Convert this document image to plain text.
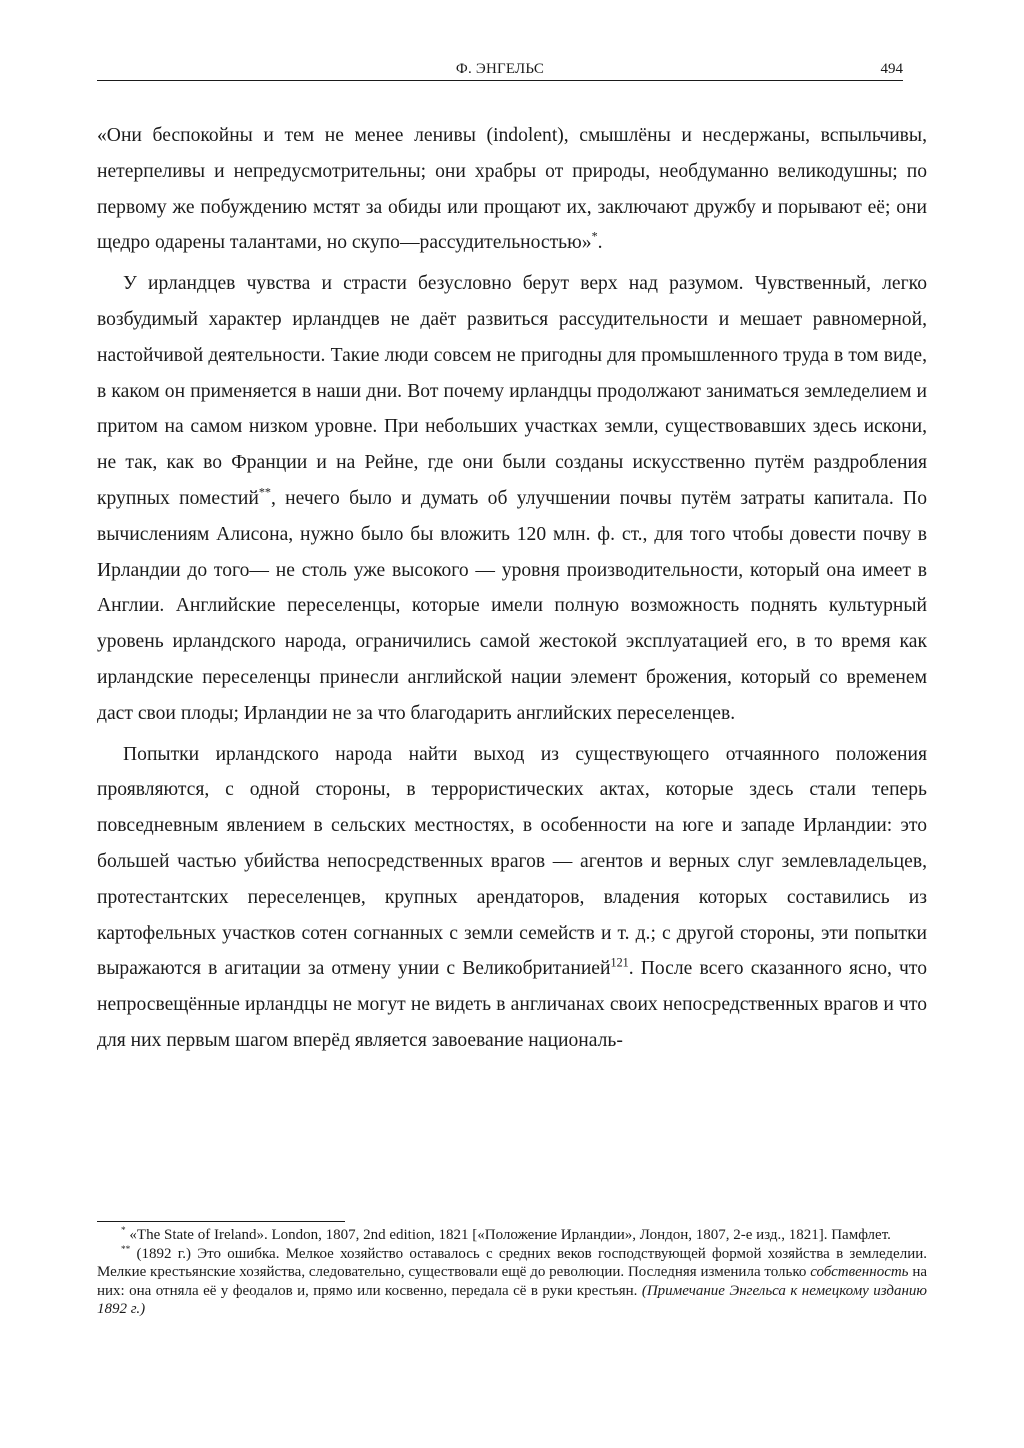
Ф. ЭНГЕЛЬС	494

«Они беспокойны и тем не менее ленивы (indolent), смышлёны и несдержаны, вспыльчивы, нетерпеливы и непредусмотрительны; они храбры от природы, необдуманно великодушны; по первому же побуждению мстят за обиды или прощают их, заключают дружбу и порывают её; они щедро одарены талантами, но скупо—рассудительностью»*.

У ирландцев чувства и страсти безусловно берут верх над разумом. Чувственный, легко возбудимый характер ирландцев не даёт развиться рассудительности и мешает равномерной, настойчивой деятельности. Такие люди совсем не пригодны для промышленного труда в том виде, в каком он применяется в наши дни. Вот почему ирландцы продолжают заниматься земледелием и притом на самом низком уровне. При небольших участках земли, существовавших здесь искони, не так, как во Франции и на Рейне, где они были созданы искусственно путём раздробления крупных поместий**, нечего было и думать об улучшении почвы путём затраты капитала. По вычислениям Алисона, нужно было бы вложить 120 млн. ф. ст., для того чтобы довести почву в Ирландии до того— не столь уже высокого — уровня производительности, который она имеет в Англии. Английские переселенцы, которые имели полную возможность поднять культурный уровень ирландского народа, ограничились самой жестокой эксплуатацией его, в то время как ирландские переселенцы принесли английской нации элемент брожения, который со временем даст свои плоды; Ирландии не за что благодарить английских переселенцев.

Попытки ирландского народа найти выход из существующего отчаянного положения проявляются, с одной стороны, в террористических актах, которые здесь стали теперь повседневным явлением в сельских местностях, в особенности на юге и западе Ирландии: это большей частью убийства непосредственных врагов — агентов и верных слуг землевладельцев, протестантских переселенцев, крупных арендаторов, владения которых составились из картофельных участков сотен согнанных с земли семейств и т. д.; с другой стороны, эти попытки выражаются в агитации за отмену унии с Великобританией$^{121}$. После всего сказанного ясно, что непросвещённые ирландцы не могут не видеть в англичанах своих непосредственных врагов и что для них первым шагом вперёд является завоевание националь-

* «The State of Ireland». London, 1807, 2nd edition, 1821 [«Положение Ирландии», Лондон, 1807, 2-е изд., 1821]. Памфлет.

** (1892 г.) Это ошибка. Мелкое хозяйство оставалось с средних веков господствующей формой хозяйства в земледелии. Мелкие крестьянские хозяйства, следовательно, существовали ещё до революции. Последняя изменила только собственность на них: она отняла её у феодалов и, прямо или косвенно, передала сё в руки крестьян. (Примечание Энгельса к немецкому изданию 1892 г.)
